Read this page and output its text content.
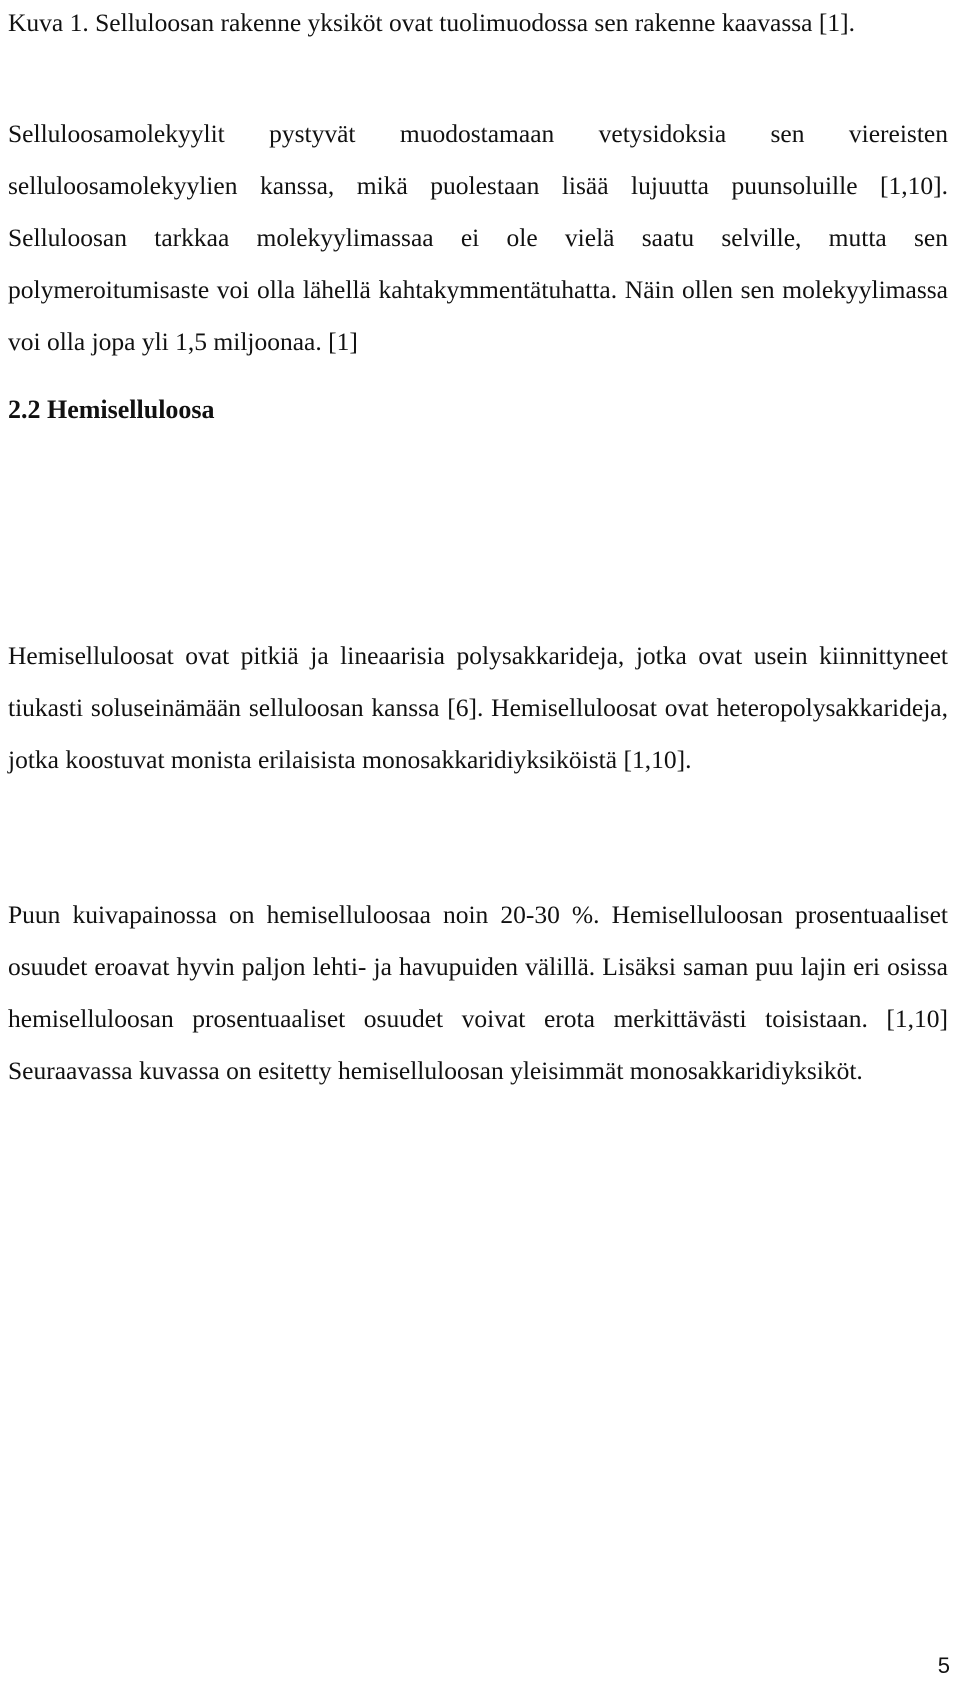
Kuva 1. Selluloosan rakenne yksiköt ovat tuolimuodossa sen rakenne kaavassa [1].

Selluloosamolekyylit pystyvät muodostamaan vetysidoksia sen viereisten selluloosamolekyylien kanssa, mikä puolestaan lisää lujuutta puunsoluille [1,10]. Selluloosan tarkkaa molekyylimassaa ei ole vielä saatu selville, mutta sen polymeroitumisaste voi olla lähellä kahtakymmentätuhatta. Näin ollen sen molekyylimassa voi olla jopa yli 1,5 miljoonaa. [1]

2.2 Hemiselluloosa

Hemiselluloosat ovat pitkiä ja lineaarisia polysakkarideja, jotka ovat usein kiinnittyneet tiukasti soluseinämään selluloosan kanssa [6]. Hemiselluloosat ovat heteropolysakkarideja, jotka koostuvat monista erilaisista monosakkaridiyksiköistä [1,10].

Puun kuivapainossa on hemiselluloosaa noin 20-30 %. Hemiselluloosan prosentuaaliset osuudet eroavat hyvin paljon lehti- ja havupuiden välillä. Lisäksi saman puu lajin eri osissa hemiselluloosan prosentuaaliset osuudet voivat erota merkittävästi toisistaan. [1,10] Seuraavassa kuvassa on esitetty hemiselluloosan yleisimmät monosakkaridiyksiköt.

5
